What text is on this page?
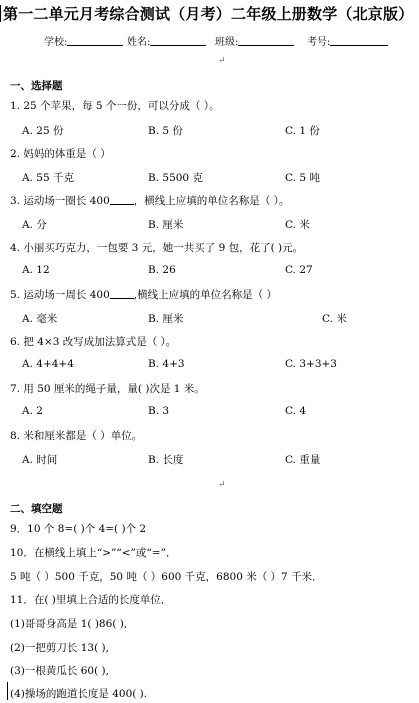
第一二单元月考综合测试（月考）二年级上册数学（北京版）
学校:	姓名:	班级:	考号:
↵
一、选择题
1. 25 个苹果，每 5 个一份，可以分成（ ）。
A. 25 份	B. 5 份	C. 1 份
2. 妈妈的体重是（ ）
A. 55 千克	B. 5500 克	C. 5 吨
3. 运动场一圈长 400 ，横线上应填的单位名称是（ ）。
A. 分	B. 厘米	C. 米
4. 小丽买巧克力，一包要 3 元，她一共买了 9 包，花了( )元。
A. 12	B. 26	C. 27
5. 运动场一周长 400 ,横线上应填的单位名称是（ ）
A. 毫米	B. 厘米	C. 米
6. 把 4×3 改写成加法算式是（ ）。
A. 4+4+4	B. 4+3	C. 3+3+3
7. 用 50 厘米的绳子量，量( )次是 1 米。
A. 2	B. 3	C. 4
8. 米和厘米都是（ ）单位。
A. 时间	B. 长度	C. 重量
↵
二、填空题
9．10 个 8=( )个 4=( )个 2
10．在横线上填上“>”“<”或“=”．
5 吨（ ）500 千克，50 吨（ ）600 千克，6800 米（ ）7 千米．
11．在( )里填上合适的长度单位．
(1)哥哥身高是 1( )86( ),
(2)一把剪刀长 13( ),
(3)一根黄瓜长 60( ),
(4)操场的跑道长度是 400( ).
